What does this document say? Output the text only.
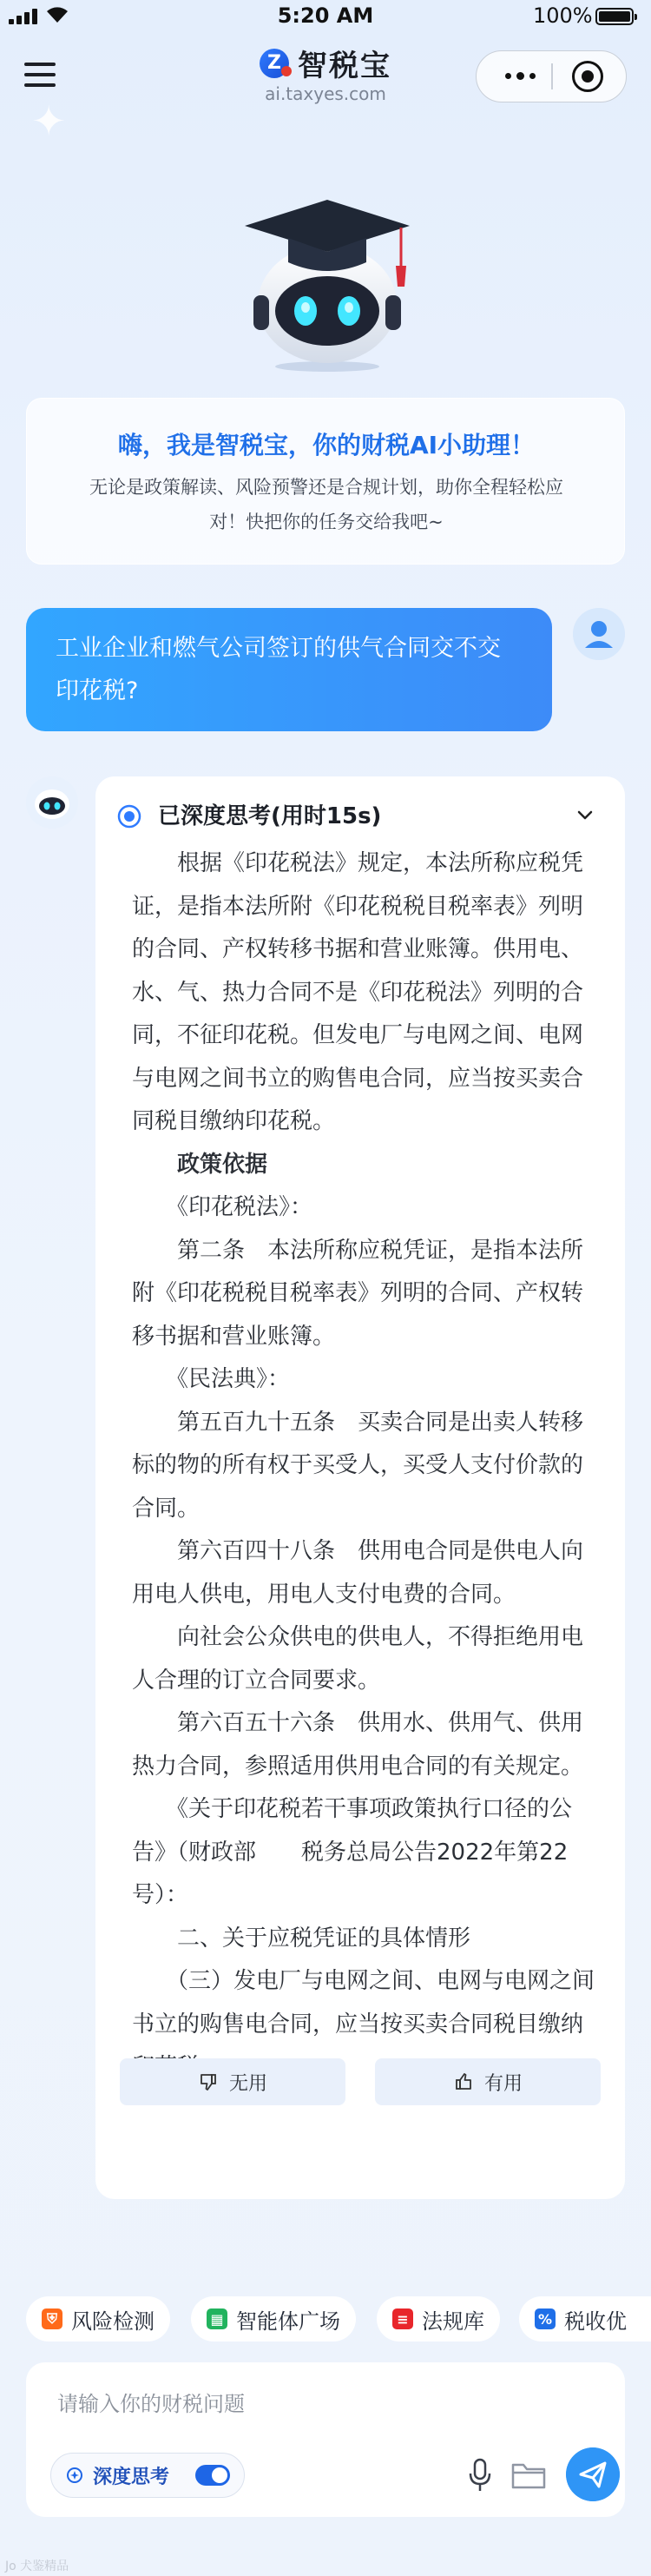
5:20 AM	100%
Z 智税宝
ai.taxyes.com
✦
嗨，我是智税宝，你的财税AI小助理！
无论是政策解读、风险预警还是合规计划，助你全程轻松应
对！快把你的任务交给我吧~
工业企业和燃气公司签订的供气合同交不交
印花税?
已深度思考(用时15s)

　　根据《印花税法》规定，本法所称应税凭证，是指本法所附《印花税税目税率表》列明的合同、产权转移书据和营业账簿。供用电、水、气、热力合同不是《印花税法》列明的合同，不征印花税。但发电厂与电网之间、电网与电网之间书立的购售电合同，应当按买卖合同税目缴纳印花税。

　　政策依据

　　《印花税法》：

　　第二条　本法所称应税凭证，是指本法所附《印花税税目税率表》列明的合同、产权转移书据和营业账簿。

　　《民法典》：

　　第五百九十五条　买卖合同是出卖人转移标的物的所有权于买受人，买受人支付价款的合同。

　　第六百四十八条　供用电合同是供电人向用电人供电，用电人支付电费的合同。

　　向社会公众供电的供电人，不得拒绝用电人合理的订立合同要求。

　　第六百五十六条　供用水、供用气、供用热力合同，参照适用供用电合同的有关规定。

　　《关于印花税若干事项政策执行口径的公告》（财政部　　税务总局公告2022年第22号）：

　　二、关于应税凭证的具体情形

　　（三）发电厂与电网之间、电网与电网之间书立的购售电合同，应当按买卖合同税目缴纳

无用	有用
⛨ 风险检测	▦ 智能体广场	≡ 法规库	% 税收优
请输入你的财税问题
深度思考
Jo 犬鉴精品
